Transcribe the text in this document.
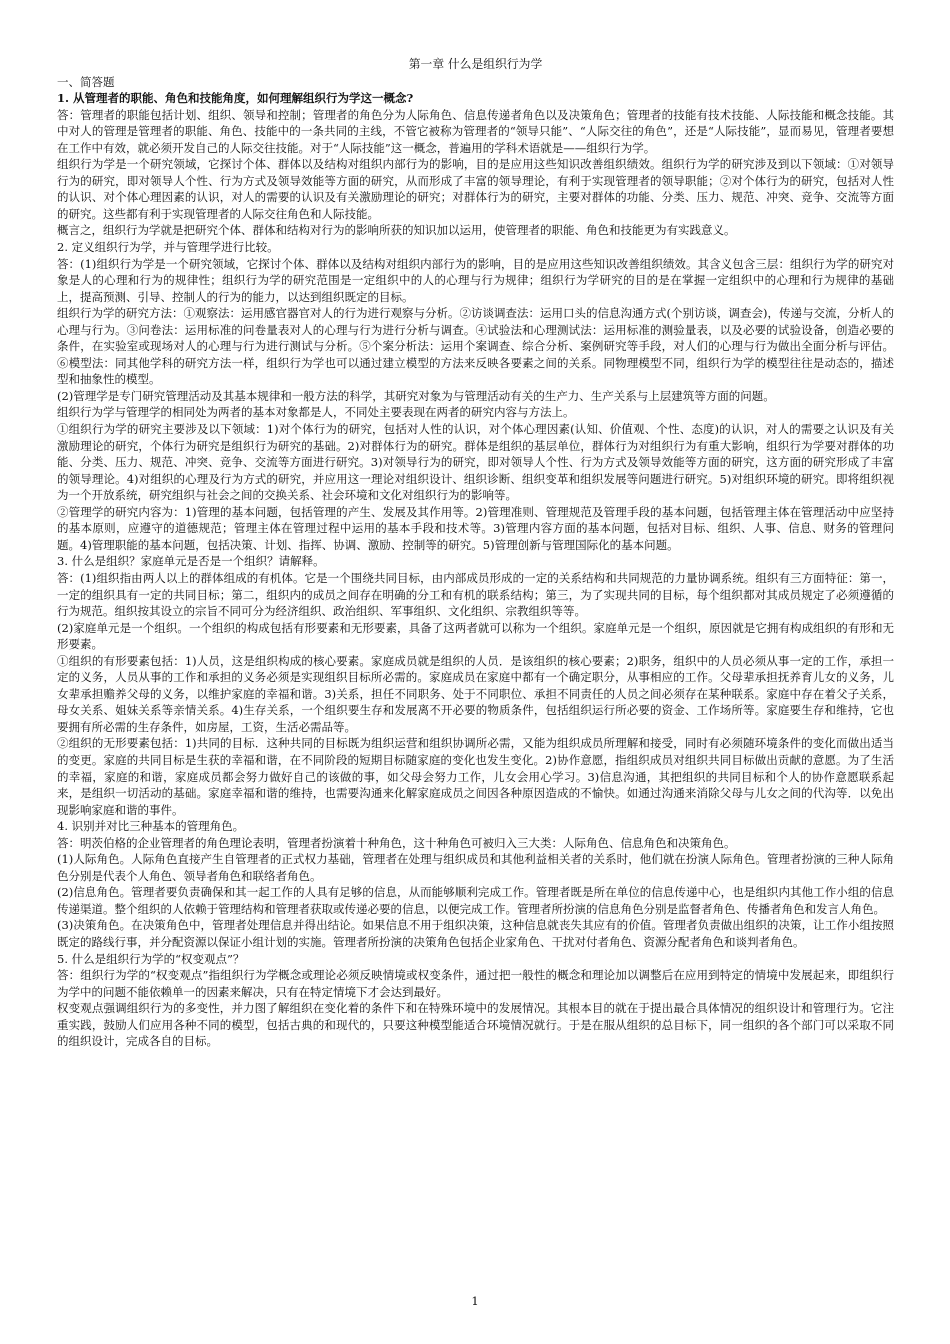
第一章 什么是组织行为学
一、简答题

1. 从管理者的职能、角色和技能角度，如何理解组织行为学这一概念?

答：管理者的职能包括计划、组织、领导和控制；管理者的角色分为人际角色、信息传递者角色以及决策角色；管理者的技能有技术技能、人际技能和概念技能。其中对人的管理是管理者的职能、角色、技能中的一条共同的主线，不管它被称为管理者的“领导只能”、“人际交往的角色”，还是“人际技能”，显而易见，管理者要想在工作中有效，就必须开发自己的人际交往技能。对于“人际技能”这一概念，普遍用的学科术语就是——组织行为学。

组织行为学是一个研究领域，它探讨个体、群体以及结构对组织内部行为的影响，目的是应用这些知识改善组织绩效。组织行为学的研究涉及到以下领域：①对领导行为的研究，即对领导人个性、行为方式及领导效能等方面的研究，从而形成了丰富的领导理论，有利于实现管理者的领导职能；②对个体行为的研究，包括对人性的认识、对个体心理因素的认识，对人的需要的认识及有关激励理论的研究；对群体行为的研究，主要对群体的功能、分类、压力、规范、冲突、竞争、交流等方面的研究。这些都有利于实现管理者的人际交往角色和人际技能。

概言之，组织行为学就是把研究个体、群体和结构对行为的影响所获的知识加以运用，使管理者的职能、角色和技能更为有实践意义。

2. 定义组织行为学，并与管理学进行比较。

答：(1)组织行为学是一个研究领域，它探讨个体、群体以及结构对组织内部行为的影响，目的是应用这些知识改善组织绩效。其含义包含三层：组织行为学的研究对象是人的心理和行为的规律性；组织行为学的研究范围是一定组织中的人的心理与行为规律；组织行为学研究的目的是在掌握一定组织中的心理和行为规律的基础上，提高预测、引导、控制人的行为的能力，以达到组织既定的目标。

组织行为学的研究方法：①观察法：运用感官器官对人的行为进行观察与分析。②访谈调查法：运用口头的信息沟通方式(个别访谈，调查会)，传递与交流，分析人的心理与行为。③问卷法：运用标准的问卷量表对人的心理与行为进行分析与调查。④试验法和心理测试法：运用标准的测验量表，以及必要的试验设备，创造必要的条件，在实验室或现场对人的心理与行为进行测试与分析。⑤个案分析法：运用个案调查、综合分析、案例研究等手段，对人们的心理与行为做出全面分析与评估。⑥模型法：同其他学科的研究方法一样，组织行为学也可以通过建立模型的方法来反映各要素之间的关系。同物理模型不同，组织行为学的模型往往是动态的，描述型和抽象性的模型。

(2)管理学是专门研究管理活动及其基本规律和一般方法的科学，其研究对象为与管理活动有关的生产力、生产关系与上层建筑等方面的问题。

组织行为学与管理学的相同处为两者的基本对象都是人，不同处主要表现在两者的研究内容与方法上。

①组织行为学的研究主要涉及以下领域：1)对个体行为的研究，包括对人性的认识，对个体心理因素(认知、价值观、个性、态度)的认识，对人的需要之认识及有关激励理论的研究，个体行为研究是组织行为研究的基础。2)对群体行为的研究。群体是组织的基层单位，群体行为对组织行为有重大影响，组织行为学要对群体的功能、分类、压力、规范、冲突、竞争、交流等方面进行研究。3)对领导行为的研究，即对领导人个性、行为方式及领导效能等方面的研究，这方面的研究形成了丰富的领导理论。4)对组织的心理及行为方式的研究，并应用这一理论对组织设计、组织诊断、组织变革和组织发展等问题进行研究。5)对组织环境的研究。即将组织视为一个开放系统，研究组织与社会之间的交换关系、社会环境和文化对组织行为的影响等。

②管理学的研究内容为：1)管理的基本问题，包括管理的产生、发展及其作用等。2)管理准则、管理规范及管理手段的基本问题，包括管理主体在管理活动中应坚持的基本原则，应遵守的道德规范；管理主体在管理过程中运用的基本手段和技术等。3)管理内容方面的基本问题，包括对目标、组织、人事、信息、财务的管理问题。4)管理职能的基本问题，包括决策、计划、指挥、协调、激励、控制等的研究。5)管理创新与管理国际化的基本问题。

3. 什么是组织？家庭单元是否是一个组织？请解释。

答：(1)组织指由两人以上的群体组成的有机体。它是一个围绕共同目标，由内部成员形成的一定的关系结构和共同规范的力量协调系统。组织有三方面特征：第一，一定的组织具有一定的共同目标；第二，组织内的成员之间存在明确的分工和有机的联系结构；第三，为了实现共同的目标，每个组织都对其成员规定了必须遵循的行为规范。组织按其设立的宗旨不同可分为经济组织、政治组织、军事组织、文化组织、宗教组织等等。

(2)家庭单元是一个组织。一个组织的构成包括有形要素和无形要素，具备了这两者就可以称为一个组织。家庭单元是一个组织，原因就是它拥有构成组织的有形和无形要素。

①组织的有形要素包括：1)人员，这是组织构成的核心要素。家庭成员就是组织的人员．是该组织的核心要素；2)职务，组织中的人员必须从事一定的工作，承担一定的义务，人员从事的工作和承担的义务必须是实现组织目标所必需的。家庭成员在家庭中都有一个确定职分，从事相应的工作。父母辈承担抚养育儿女的义务，儿女辈承担赡养父母的义务，以维护家庭的幸福和谐。3)关系，担任不同职务、处于不同职位、承担不同责任的人员之间必须存在某种联系。家庭中存在着父子关系，母女关系、姐妹关系等亲情关系。4)生存关系，一个组织要生存和发展离不开必要的物质条件，包括组织运行所必要的资金、工作场所等。家庭要生存和维持，它也要拥有所必需的生存条件，如房屋，工资，生活必需品等。

②组织的无形要素包括：1)共同的目标．这种共同的目标既为组织运营和组织协调所必需，又能为组织成员所理解和接受，同时有必须随环境条件的变化而做出适当的变更。家庭的共同目标是生获的幸福和谐，在不同阶段的短期目标随家庭的变化也发生变化。2)协作意愿，指组织成员对组织共同目标做出贡献的意愿。为了生活的幸福，家庭的和谐，家庭成员都会努力做好自己的该做的事，如父母会努力工作，儿女会用心学习。3)信息沟通，其把组织的共同目标和个人的协作意愿联系起来，是组织一切活动的基础。家庭幸福和谐的维持，也需要沟通来化解家庭成员之间因各种原因造成的不愉快。如通过沟通来消除父母与儿女之间的代沟等．以免出现影响家庭和谐的事件。

4. 识别并对比三种基本的管理角色。

答：明茨伯格的企业管理者的角色理论表明，管理者扮演着十种角色，这十种角色可被归入三大类：人际角色、信息角色和决策角色。

(1)人际角色。人际角色直接产生自管理者的正式权力基础，管理者在处理与组织成员和其他利益相关者的关系时，他们就在扮演人际角色。管理者扮演的三种人际角色分别是代表个人角色、领导者角色和联络者角色。

(2)信息角色。管理者要负责确保和其一起工作的人具有足够的信息，从而能够顺利完成工作。管理者既是所在单位的信息传递中心，也是组织内其他工作小组的信息传递渠道。整个组织的人依赖于管理结构和管理者获取或传递必要的信息，以便完成工作。管理者所扮演的信息角色分别是监督者角色、传播者角色和发言人角色。

(3)决策角色。在决策角色中，管理者处理信息并得出结论。如果信息不用于组织决策，这种信息就丧失其应有的价值。管理者负责做出组织的决策，让工作小组按照既定的路线行事，并分配资源以保证小组计划的实施。管理者所扮演的决策角色包括企业家角色、干扰对付者角色、资源分配者角色和谈判者角色。

5. 什么是组织行为学的“权变观点”？

答：组织行为学的“权变观点”指组织行为学概念或理论必须反映情境或权变条件，通过把一般性的概念和理论加以调整后在应用到特定的情境中发展起来，即组织行为学中的问题不能依赖单一的因素来解决，只有在特定情境下才会达到最好。

权变观点强调组织行为的多变性，并力图了解组织在变化着的条件下和在特殊环境中的发展情况。其根本目的就在于提出最合具体情况的组织设计和管理行为。它注重实践，鼓励人们应用各种不同的模型，包括古典的和现代的，只要这种模型能适合环境情况就行。于是在服从组织的总目标下，同一组织的各个部门可以采取不同的组织设计，完成各自的目标。

1
